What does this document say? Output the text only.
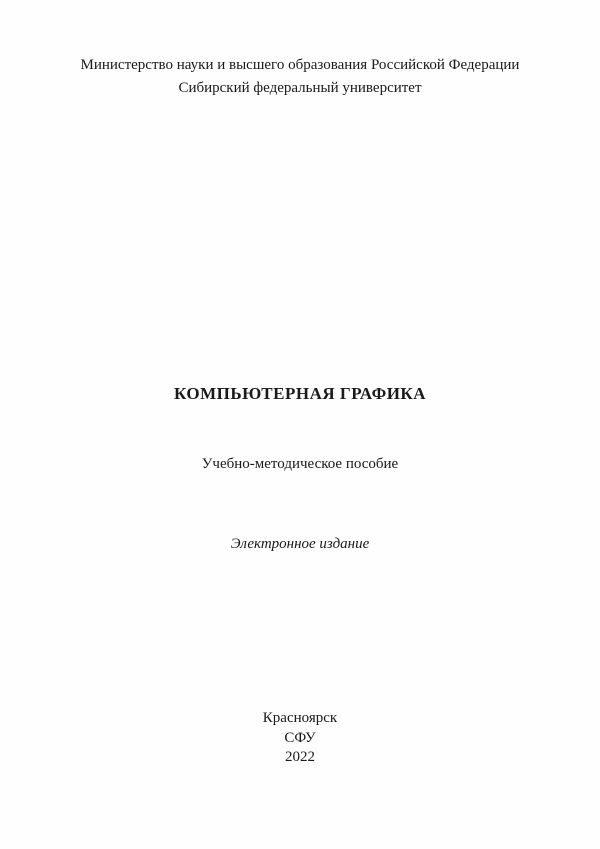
Министерство науки и высшего образования Российской Федерации
Сибирский федеральный университет
КОМПЬЮТЕРНАЯ ГРАФИКА
Учебно-методическое пособие
Электронное издание
Красноярск
СФУ
2022
